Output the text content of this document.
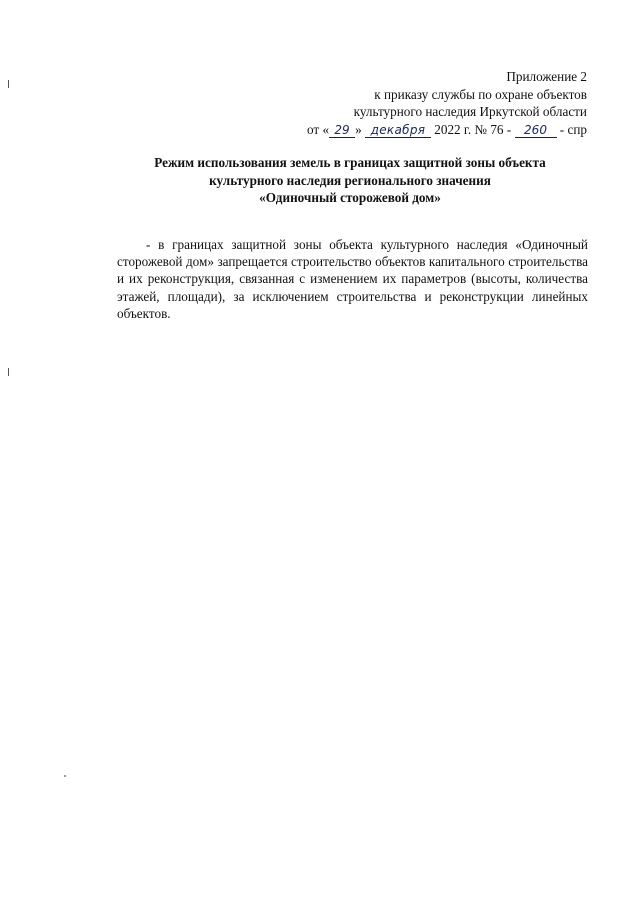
Приложение 2
к приказу службы по охране объектов
культурного наследия Иркутской области
от « 29 » декабря 2022 г. № 76 - 260 - спр
Режим использования земель в границах защитной зоны объекта
культурного наследия регионального значения
«Одиночный сторожевой дом»
- в границах защитной зоны объекта культурного наследия «Одиночный сторожевой дом» запрещается строительство объектов капитального строительства и их реконструкция, связанная с изменением их параметров (высоты, количества этажей, площади), за исключением строительства и реконструкции линейных объектов.
